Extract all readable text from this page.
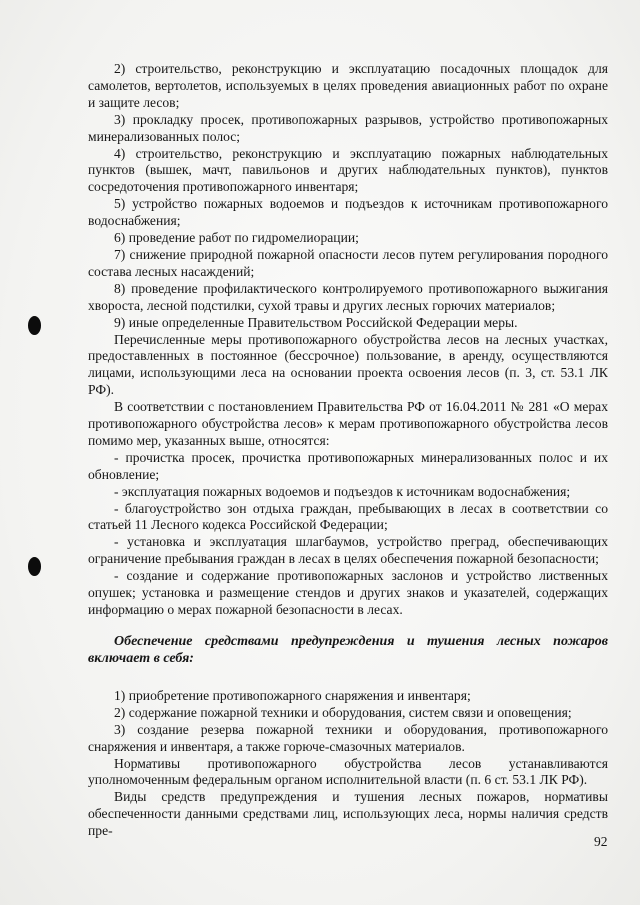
2) строительство, реконструкцию и эксплуатацию посадочных площадок для самолетов, вертолетов, используемых в целях проведения авиационных работ по охране и защите лесов;

3) прокладку просек, противопожарных разрывов, устройство противопожарных минерализованных полос;

4) строительство, реконструкцию и эксплуатацию пожарных наблюдательных пунктов (вышек, мачт, павильонов и других наблюдательных пунктов), пунктов сосредоточения противопожарного инвентаря;

5) устройство пожарных водоемов и подъездов к источникам противопожарного водоснабжения;

6) проведение работ по гидромелиорации;

7) снижение природной пожарной опасности лесов путем регулирования породного состава лесных насаждений;

8) проведение профилактического контролируемого противопожарного выжигания хвороста, лесной подстилки, сухой травы и других лесных горючих материалов;

9) иные определенные Правительством Российской Федерации меры.

Перечисленные меры противопожарного обустройства лесов на лесных участках, предоставленных в постоянное (бессрочное) пользование, в аренду, осуществляются лицами, использующими леса на основании проекта освоения лесов (п. 3, ст. 53.1 ЛК РФ).

В соответствии с постановлением Правительства РФ от 16.04.2011 № 281 «О мерах противопожарного обустройства лесов» к мерам противопожарного обустройства лесов помимо мер, указанных выше, относятся:

- прочистка просек, прочистка противопожарных минерализованных полос и их обновление;

- эксплуатация пожарных водоемов и подъездов к источникам водоснабжения;

- благоустройство зон отдыха граждан, пребывающих в лесах в соответствии со статьей 11 Лесного кодекса Российской Федерации;

- установка и эксплуатация шлагбаумов, устройство преград, обеспечивающих ограничение пребывания граждан в лесах в целях обеспечения пожарной безопасности;

- создание и содержание противопожарных заслонов и устройство лиственных опушек; установка и размещение стендов и других знаков и указателей, содержащих информацию о мерах пожарной безопасности в лесах.

Обеспечение средствами предупреждения и тушения лесных пожаров включает в себя:

1) приобретение противопожарного снаряжения и инвентаря;

2) содержание пожарной техники и оборудования, систем связи и оповещения;

3) создание резерва пожарной техники и оборудования, противопожарного снаряжения и инвентаря, а также горюче-смазочных материалов.

Нормативы противопожарного обустройства лесов устанавливаются уполномоченным федеральным органом исполнительной власти (п. 6 ст. 53.1 ЛК РФ).

Виды средств предупреждения и тушения лесных пожаров, нормативы обеспеченности данными средствами лиц, использующих леса, нормы наличия средств пре-

92
